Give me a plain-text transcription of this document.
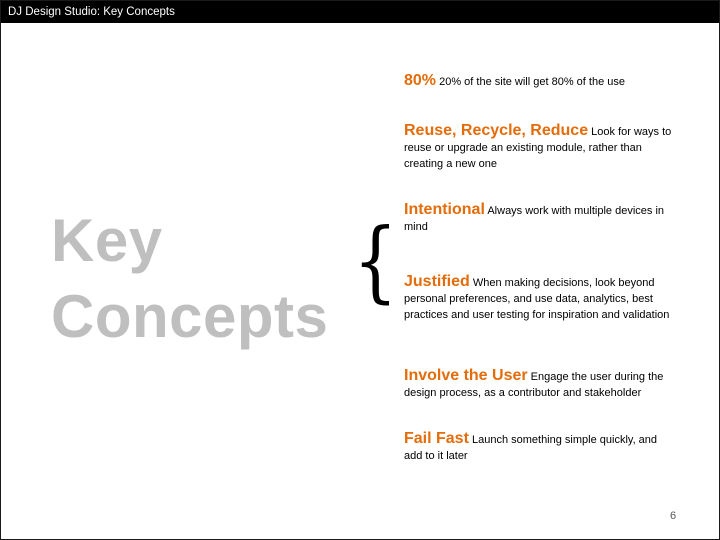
DJ Design Studio: Key Concepts
Key
Concepts
{
80% 20% of the site will get 80% of the use
Reuse, Recycle, Reduce Look for ways to reuse or upgrade an existing module, rather than creating a new one
Intentional Always work with multiple devices in mind
Justified When making decisions, look beyond personal preferences, and use data, analytics, best practices and user testing for inspiration and validation
Involve the User Engage the user during the design process, as a contributor and stakeholder
Fail Fast Launch something simple quickly, and add to it later
6
